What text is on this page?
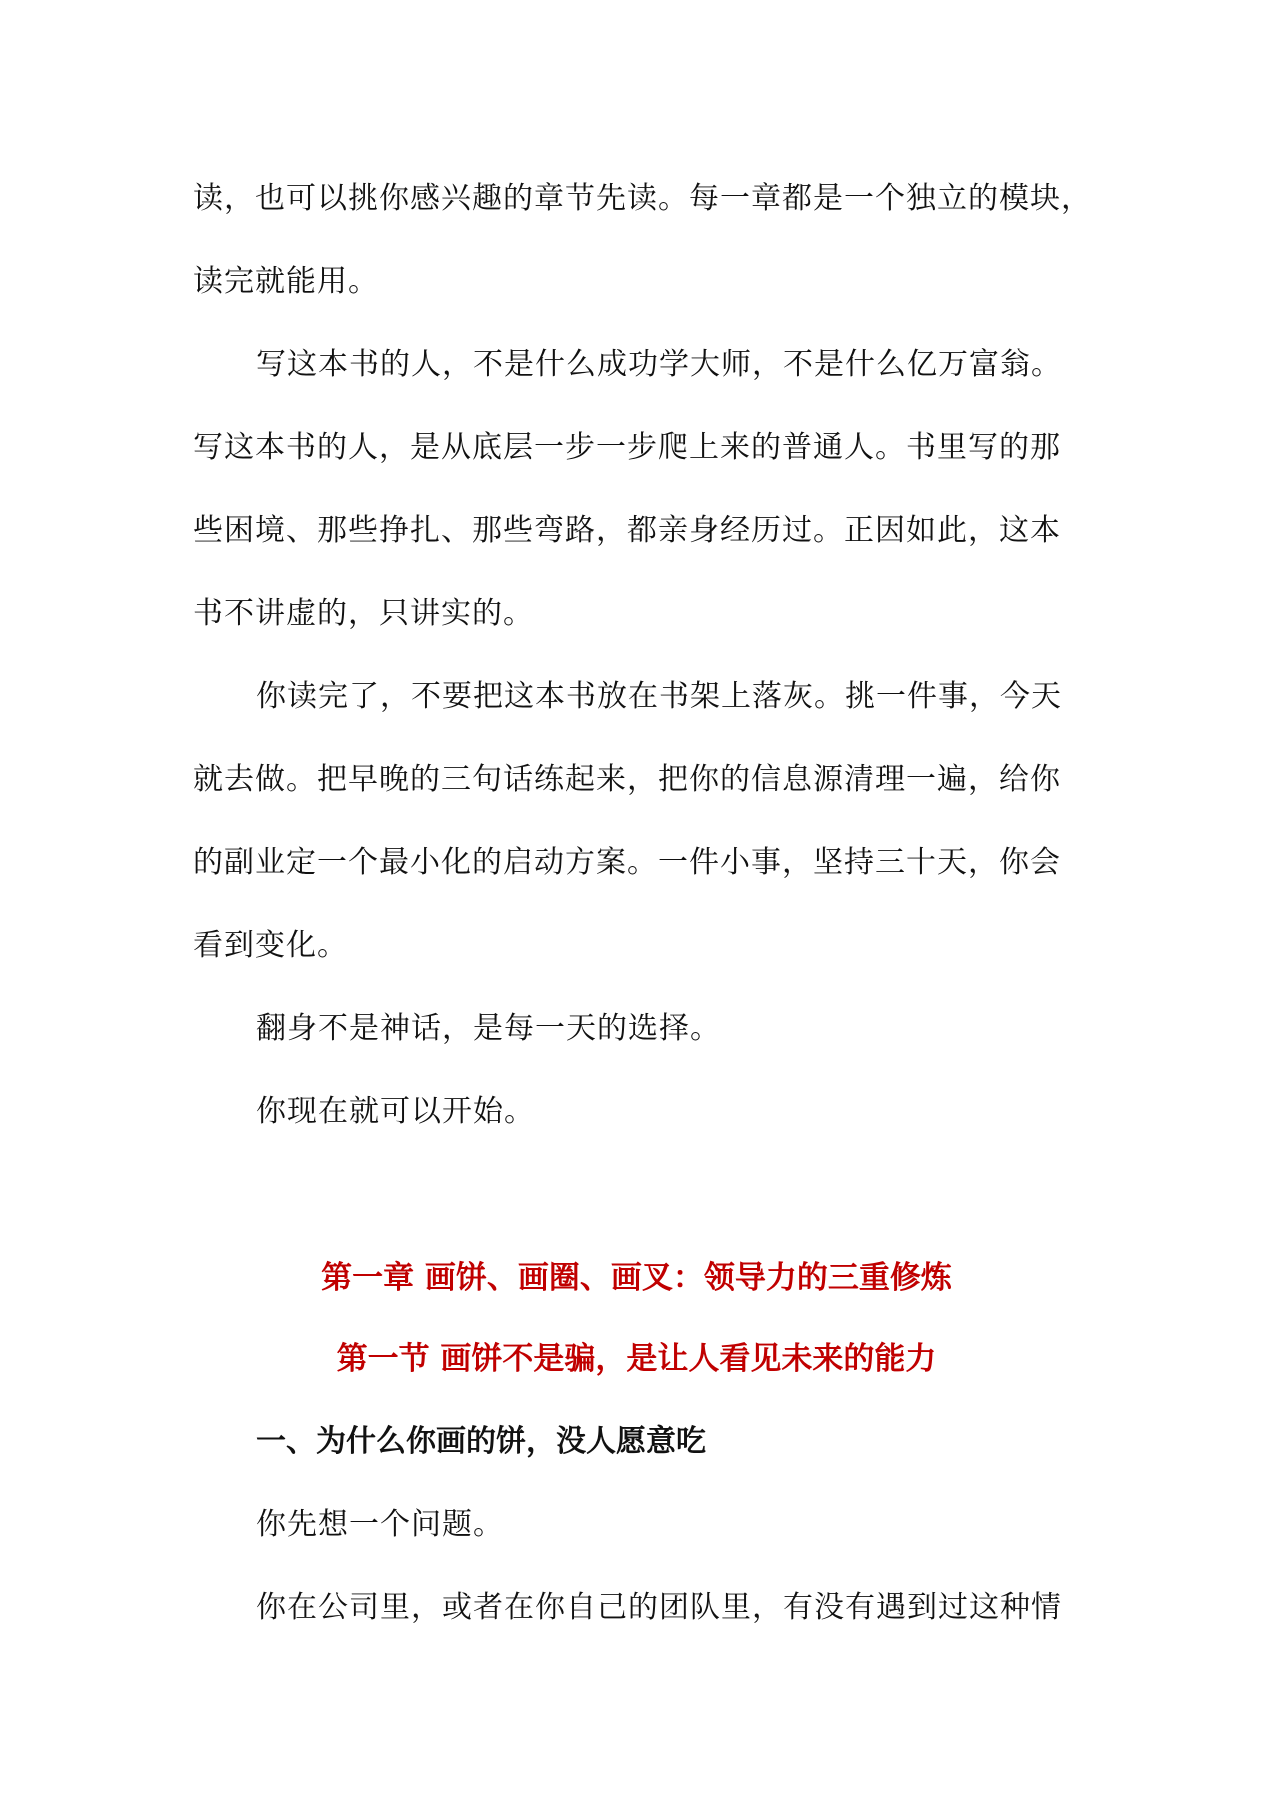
读，也可以挑你感兴趣的章节先读。每一章都是一个独立的模块，
读完就能用。
写这本书的人，不是什么成功学大师，不是什么亿万富翁。
写这本书的人，是从底层一步一步爬上来的普通人。书里写的那
些困境、那些挣扎、那些弯路，都亲身经历过。正因如此，这本
书不讲虚的，只讲实的。
你读完了，不要把这本书放在书架上落灰。挑一件事，今天
就去做。把早晚的三句话练起来，把你的信息源清理一遍，给你
的副业定一个最小化的启动方案。一件小事，坚持三十天，你会
看到变化。
翻身不是神话，是每一天的选择。
你现在就可以开始。
第一章 画饼、画圈、画叉：领导力的三重修炼
第一节 画饼不是骗，是让人看见未来的能力
一、为什么你画的饼，没人愿意吃
你先想一个问题。
你在公司里，或者在你自己的团队里，有没有遇到过这种情
